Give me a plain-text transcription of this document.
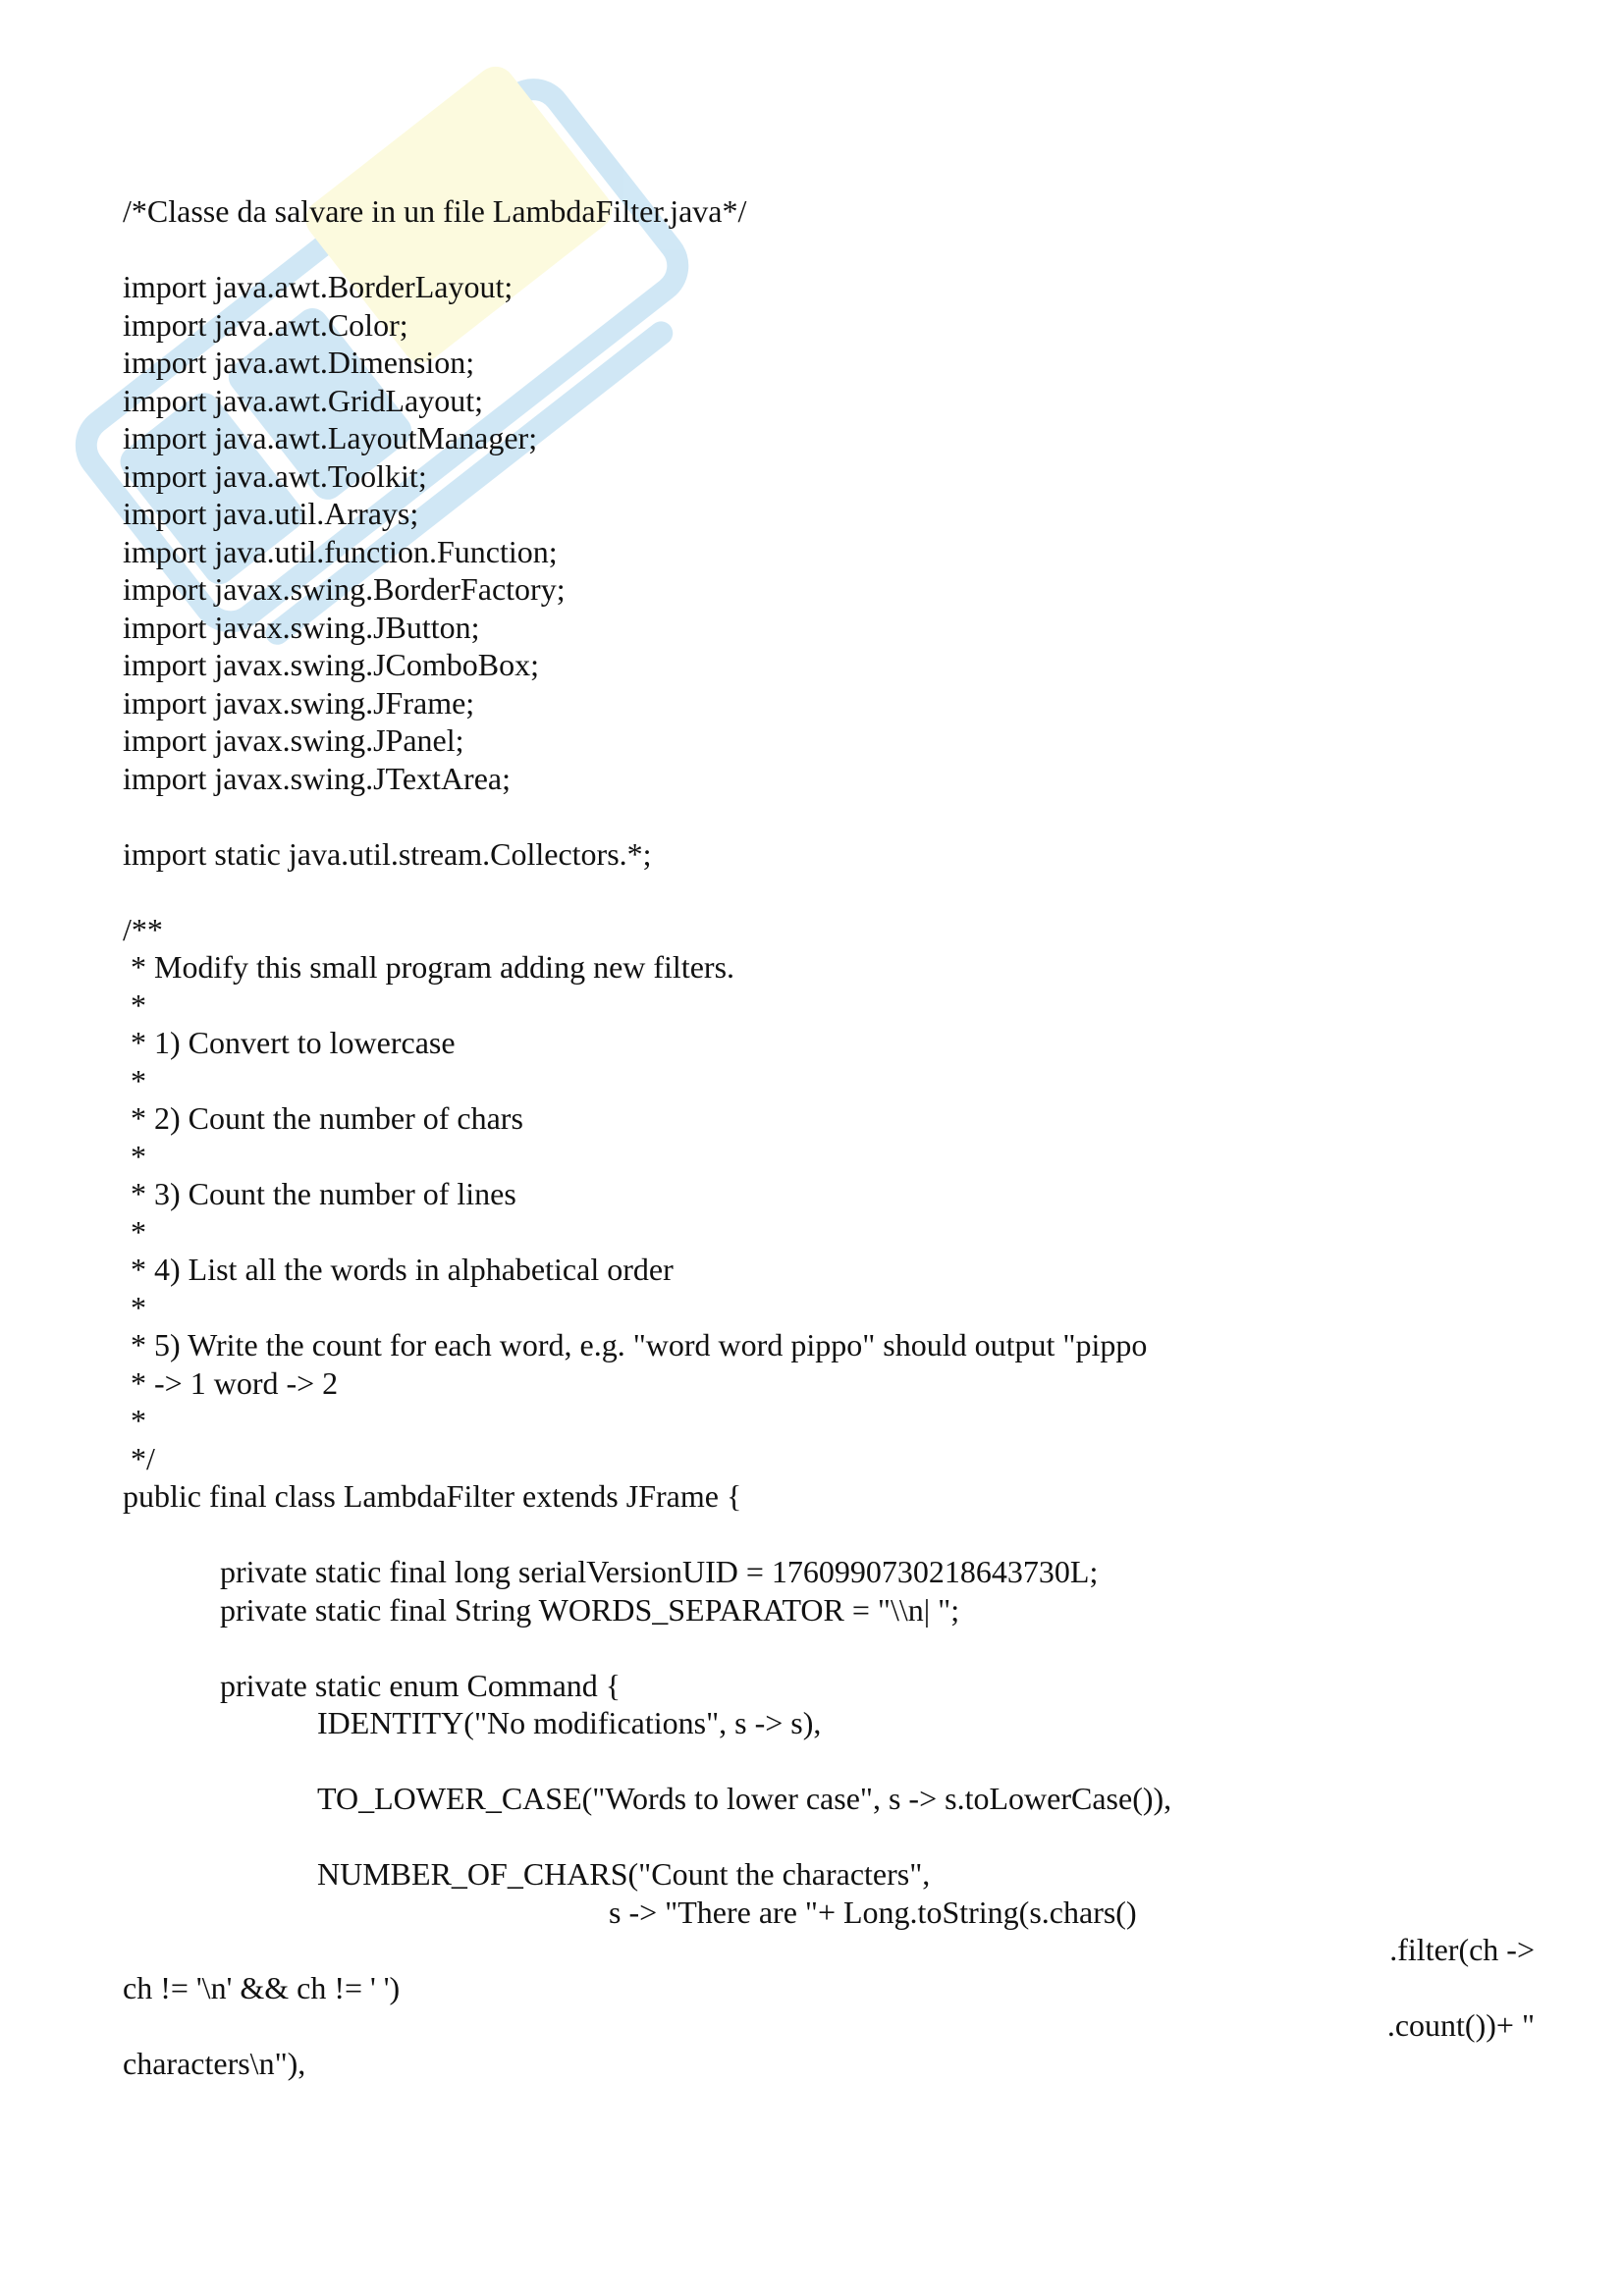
/*Classe da salvare in un file LambdaFilter.java*/
import java.awt.BorderLayout;
import java.awt.Color;
import java.awt.Dimension;
import java.awt.GridLayout;
import java.awt.LayoutManager;
import java.awt.Toolkit;
import java.util.Arrays;
import java.util.function.Function;
import javax.swing.BorderFactory;
import javax.swing.JButton;
import javax.swing.JComboBox;
import javax.swing.JFrame;
import javax.swing.JPanel;
import javax.swing.JTextArea;
import static java.util.stream.Collectors.*;
/**
* Modify this small program adding new filters.
*
* 1) Convert to lowercase
*
* 2) Count the number of chars
*
* 3) Count the number of lines
*
* 4) List all the words in alphabetical order
*
* 5) Write the count for each word, e.g. "word word pippo" should output "pippo
* -> 1 word -> 2
*
*/
public final class LambdaFilter extends JFrame {
private static final long serialVersionUID = 1760990730218643730L;
private static final String WORDS_SEPARATOR = "\\n| ";
private static enum Command {
IDENTITY("No modifications", s -> s),
TO_LOWER_CASE("Words to lower case", s -> s.toLowerCase()),
NUMBER_OF_CHARS("Count the characters",
s -> "There are "+ Long.toString(s.chars()
.filter(ch ->
ch != '\n' && ch != ' ')
.count())+ "
characters\n"),
